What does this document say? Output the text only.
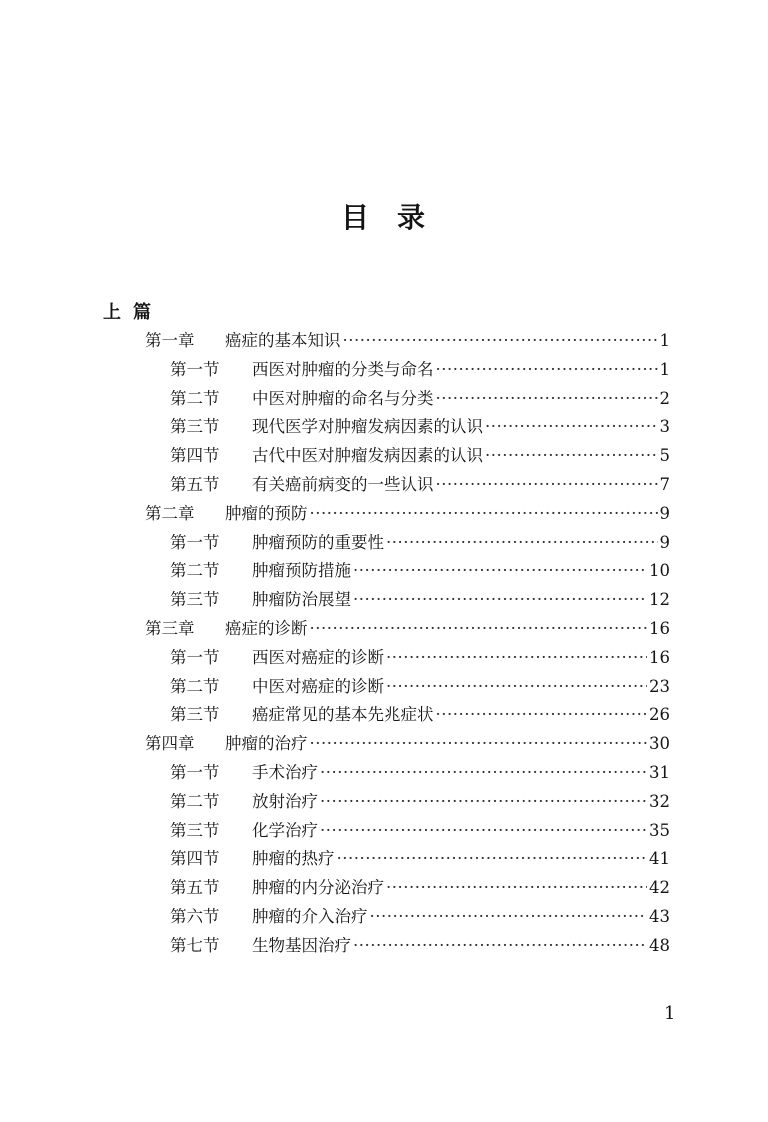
目 录
上 篇
第一章	癌症的基本知识 ·····	1
第一节	西医对肿瘤的分类与命名 ·····	1
第二节	中医对肿瘤的命名与分类 ·····	2
第三节	现代医学对肿瘤发病因素的认识 ·····	3
第四节	古代中医对肿瘤发病因素的认识 ·····	5
第五节	有关癌前病变的一些认识 ·····	7
第二章	肿瘤的预防 ·····	9
第一节	肿瘤预防的重要性 ·····	9
第二节	肿瘤预防措施 ·····	10
第三节	肿瘤防治展望 ·····	12
第三章	癌症的诊断 ·····	16
第一节	西医对癌症的诊断 ·····	16
第二节	中医对癌症的诊断 ·····	23
第三节	癌症常见的基本先兆症状 ·····	26
第四章	肿瘤的治疗 ·····	30
第一节	手术治疗 ·····	31
第二节	放射治疗 ·····	32
第三节	化学治疗 ·····	35
第四节	肿瘤的热疗 ·····	41
第五节	肿瘤的内分泌治疗 ·····	42
第六节	肿瘤的介入治疗 ·····	43
第七节	生物基因治疗 ·····	48
1
